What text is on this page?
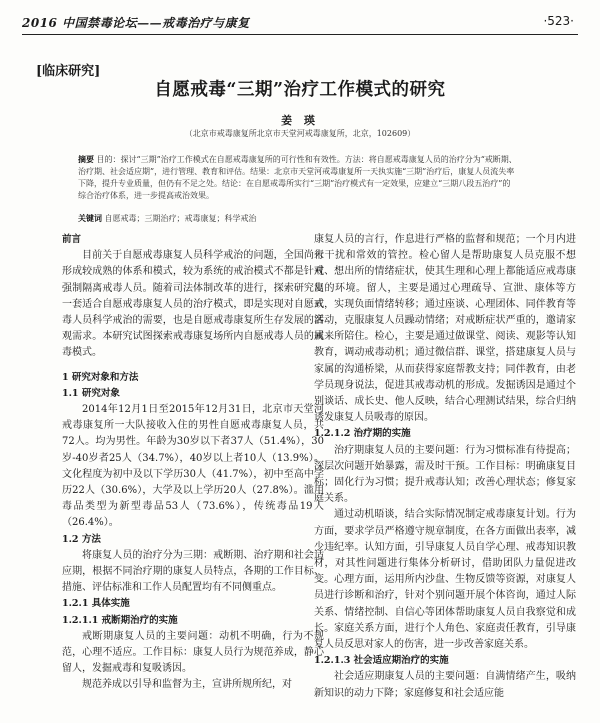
2016 中国禁毒论坛——戒毒治疗与康复	·523·
[临床研究]
自愿戒毒“三期”治疗工作模式的研究
姜 瑛
（北京市戒毒康复所北京市天堂河戒毒康复所，北京，102609）
摘要 目的：探讨“三期”治疗工作模式在自愿戒毒康复所的可行性和有效性。方法：将自愿戒毒康复人员的治疗分为“戒断期、治疗期、社会适应期”，进行管理、教育和评估。结果：北京市天堂河戒毒康复所一天执实施“三期”治疗后，康复人员流失率下降，提升专业质量，但仍有不足之处。结论：在自愿戒毒所实行“三期”治疗模式有一定效果，应建立“三期八段五治疗”的综合治疗体系，进一步提高戒治效果。
关键词 自愿戒毒；三期治疗；戒毒康复；科学戒治
前言

目前关于自愿戒毒康复人员科学戒治的问题，全国尚未形成较成熟的体系和模式，较为系统的戒治模式不都是针对强制隔离戒毒人员。随着司法体制改革的进行，探索研究出一套适合自愿戒毒康复人员的治疗模式，即是实现对自愿戒毒人员科学戒治的需要，也是自愿戒毒康复所生存发展的客观需求。本研究试图探索戒毒康复场所内自愿戒毒人员的戒毒模式。

1 研究对象和方法
1.1 研究对象

2014年12月1日至2015年12月31日，北京市天堂河戒毒康复所一大队接收入住的男性自愿戒毒康复人员，共72人。均为男性。年龄为30岁以下者37人（51.4%），30岁-40岁者25人（34.7%），40岁以上者10人（13.9%）。文化程度为初中及以下学历30人（41.7%），初中至高中学历22人（30.6%），大学及以上学历20人（27.8%）。滥用毒品类型为新型毒品53人（73.6%），传统毒品19人（26.4%）。

1.2 方法

将康复人员的治疗分为三期：戒断期、治疗期和社会适应期，根据不同治疗期的康复人员特点，各期的工作目标、措施、评估标准和工作人员配置均有不同侧重点。

1.2.1 具体实施
1.2.1.1 戒断期治疗的实施

戒断期康复人员的主要问题：动机不明确，行为不规范，心理不适应。工作目标：康复人员行为规范养成，静心留人，发掘戒毒和复吸诱因。

规范养成以引导和监督为主，宣讲所规所纪，对

康复人员的言行，作息进行严格的监督和规范；一个月内进行干扰和常效的管控。检心留人是帮助康复人员克服不想戒、想出所的情绪症状，使其生理和心理上都能适应戒毒康复的环境。留人，主要是通过心理疏导、宣泄、康体等方式，实现负面情绪转移；通过座谈、心理团体、同伴教育等活动，克服康复人员躁动情绪；对戒断症状严重的，邀请家属来所陪住。检心，主要是通过做课堂、阅读、观影等认知教育，调动戒毒动机；通过微信群、课堂，搭建康复人员与家属的沟通桥梁，从而获得家庭帮教支持；同伴教育，由老学员现身说法，促进其戒毒动机的形成。发掘诱因是通过个别谈话、成长史、他人反映，结合心理测试结果，综合归纳诱发康复人员吸毒的原因。

1.2.1.2 治疗期的实施

治疗期康复人员的主要问题：行为习惯标准有待提高；深层次问题开始暴露，需及时干预。工作目标：明确康复目标；固化行为习惯；提升戒毒认知；改善心理状态；修复家庭关系。

通过动机晤谈，结合实际情况制定戒毒康复计划。行为方面，要求学员严格遵守规章制度，在各方面做出表率，减少违纪率。认知方面，引导康复人员自学心理、戒毒知识教材，对其性问题进行集体分析研讨，借助团队力量促进改变。心理方面，运用所内沙盘、生物反馈等资源，对康复人员进行诊断和治疗，针对个别问题开展个体咨询，通过人际关系、情绪控制、自信心等团体帮助康复人员自我察觉和成长。家庭关系方面，进行个人角色、家庭责任教育，引导康复人员反思对家人的伤害，进一步改善家庭关系。

1.2.1.3 社会适应期治疗的实施

社会适应期康复人员的主要问题：自满情绪产生，吸纳新知识的动力下降；家庭修复和社会适应能
